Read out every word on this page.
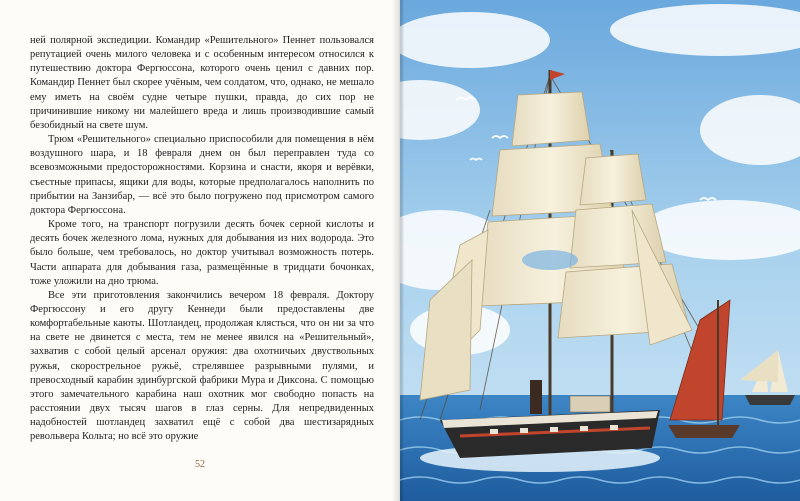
ней полярной экспедиции. Командир «Решительного» Пеннет пользовался репутацией очень милого человека и с особенным интересом относился к путешествию доктора Фергюссона, которого очень ценил с давних пор. Командир Пеннет был скорее учёным, чем солдатом, что, однако, не мешало ему иметь на своём судне четыре пушки, правда, до сих пор не причинившие никому ни малейшего вреда и лишь производившие самый безобидный на свете шум.

Трюм «Решительного» специально приспособили для помещения в нём воздушного шара, и 18 февраля днем он был переправлен туда со всевозможными предосторожностями. Корзина и снасти, якоря и верёвки, съестные припасы, ящики для воды, которые предполагалось наполнить по прибытии на Занзибар, — всё это было погружено под присмотром самого доктора Фергюссона.

Кроме того, на транспорт погрузили десять бочек серной кислоты и десять бочек железного лома, нужных для добывания из них водорода. Это было больше, чем требовалось, но доктор учитывал возможность потерь. Части аппарата для добывания газа, размещённые в тридцати бочонках, тоже уложили на дно трюма.

Все эти приготовления закончились вечером 18 февраля. Доктору Фергюссону и его другу Кеннеди были предоставлены две комфортабельные каюты. Шотландец, продолжая клясться, что он ни за что на свете не двинется с места, тем не менее явился на «Решительный», захватив с собой целый арсенал оружия: два охотничьих двуствольных ружья, скорострельное ружьё, стрелявшее разрывными пулями, и превосходный карабин эдинбургской фабрики Мура и Диксона. С помощью этого замечательного карабина наш охотник мог свободно попасть на расстоянии двух тысяч шагов в глаз серны. Для непредвиденных надобностей шотландец захватил ещё с собой два шестизарядных револьвера Кольта; но всё это оружие

52
